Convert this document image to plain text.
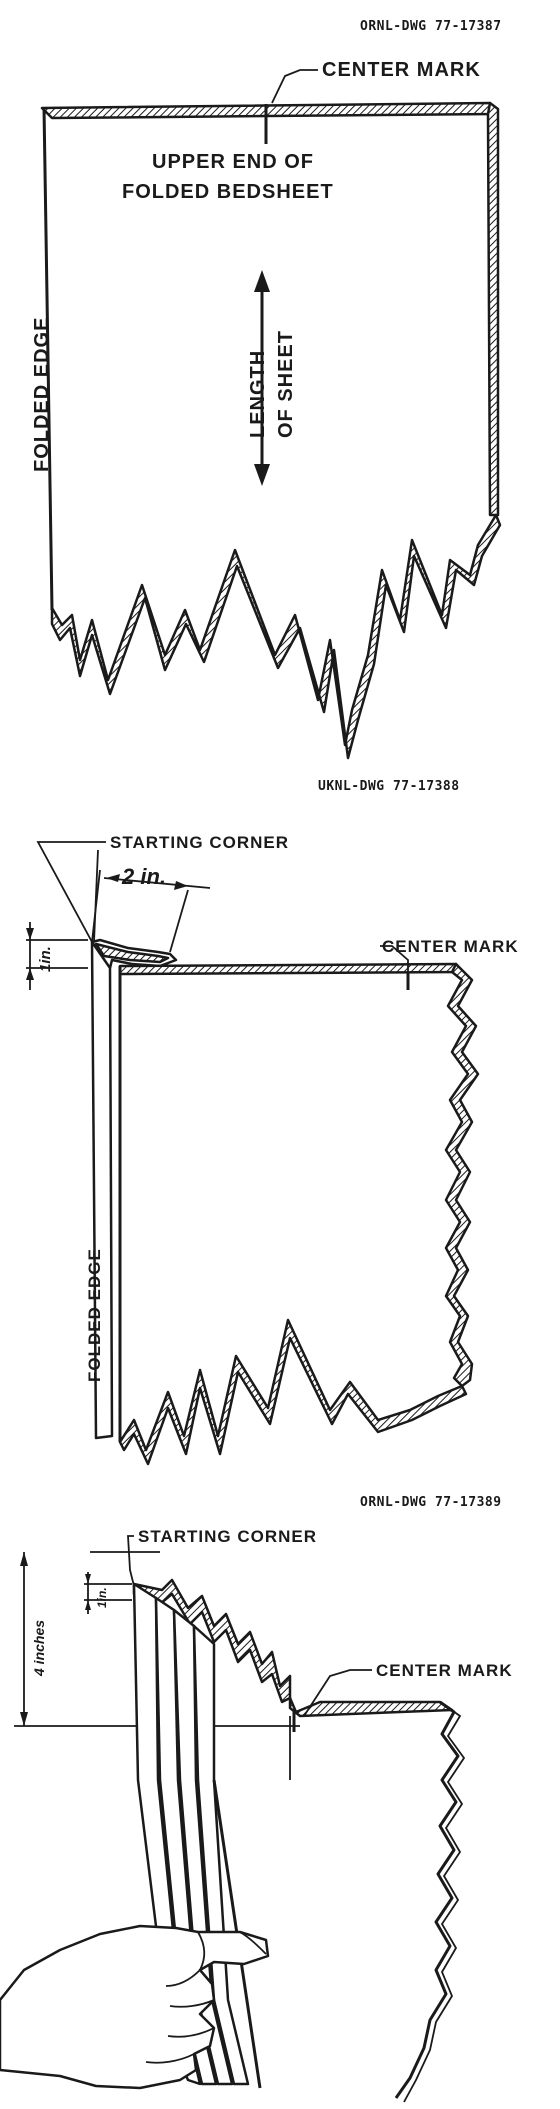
ORNL-DWG 77-17387
CENTER MARK
UPPER END OF
FOLDED BEDSHEET
FOLDED EDGE	LENGTH OF SHEET
UKNL-DWG 77-17388
STARTING CORNER
2 in.
1in.
FOLDED EDGE
CENTER MARK
ORNL-DWG 77-17389
STARTING CORNER
4 inches
1in.
CENTER MARK
